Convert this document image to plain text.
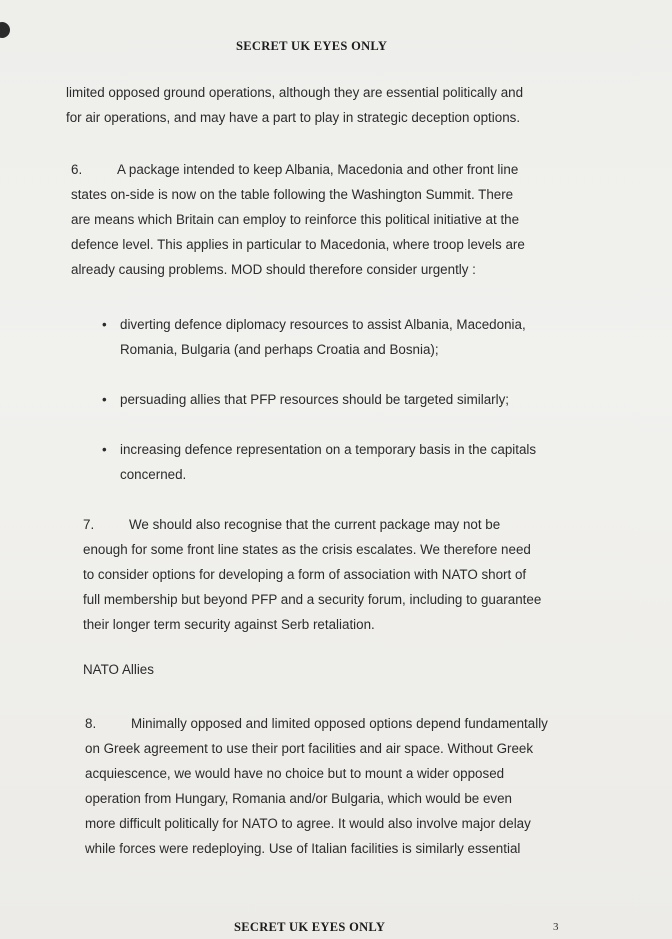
SECRET UK EYES ONLY
limited opposed ground operations, although they are essential politically and
for air operations, and may have a part to play in strategic deception options.
6.	A package intended to keep Albania, Macedonia and other front line
states on-side is now on the table following the Washington Summit. There
are means which Britain can employ to reinforce this political initiative at the
defence level. This applies in particular to Macedonia, where troop levels are
already causing problems. MOD should therefore consider urgently :
• diverting defence diplomacy resources to assist Albania, Macedonia,
Romania, Bulgaria (and perhaps Croatia and Bosnia);
• persuading allies that PFP resources should be targeted similarly;
• increasing defence representation on a temporary basis in the capitals
concerned.
7.	We should also recognise that the current package may not be
enough for some front line states as the crisis escalates. We therefore need
to consider options for developing a form of association with NATO short of
full membership but beyond PFP and a security forum, including to guarantee
their longer term security against Serb retaliation.
NATO Allies
8.	Minimally opposed and limited opposed options depend fundamentally
on Greek agreement to use their port facilities and air space. Without Greek
acquiescence, we would have no choice but to mount a wider opposed
operation from Hungary, Romania and/or Bulgaria, which would be even
more difficult politically for NATO to agree. It would also involve major delay
while forces were redeploying. Use of Italian facilities is similarly essential
SECRET UK EYES ONLY	3
